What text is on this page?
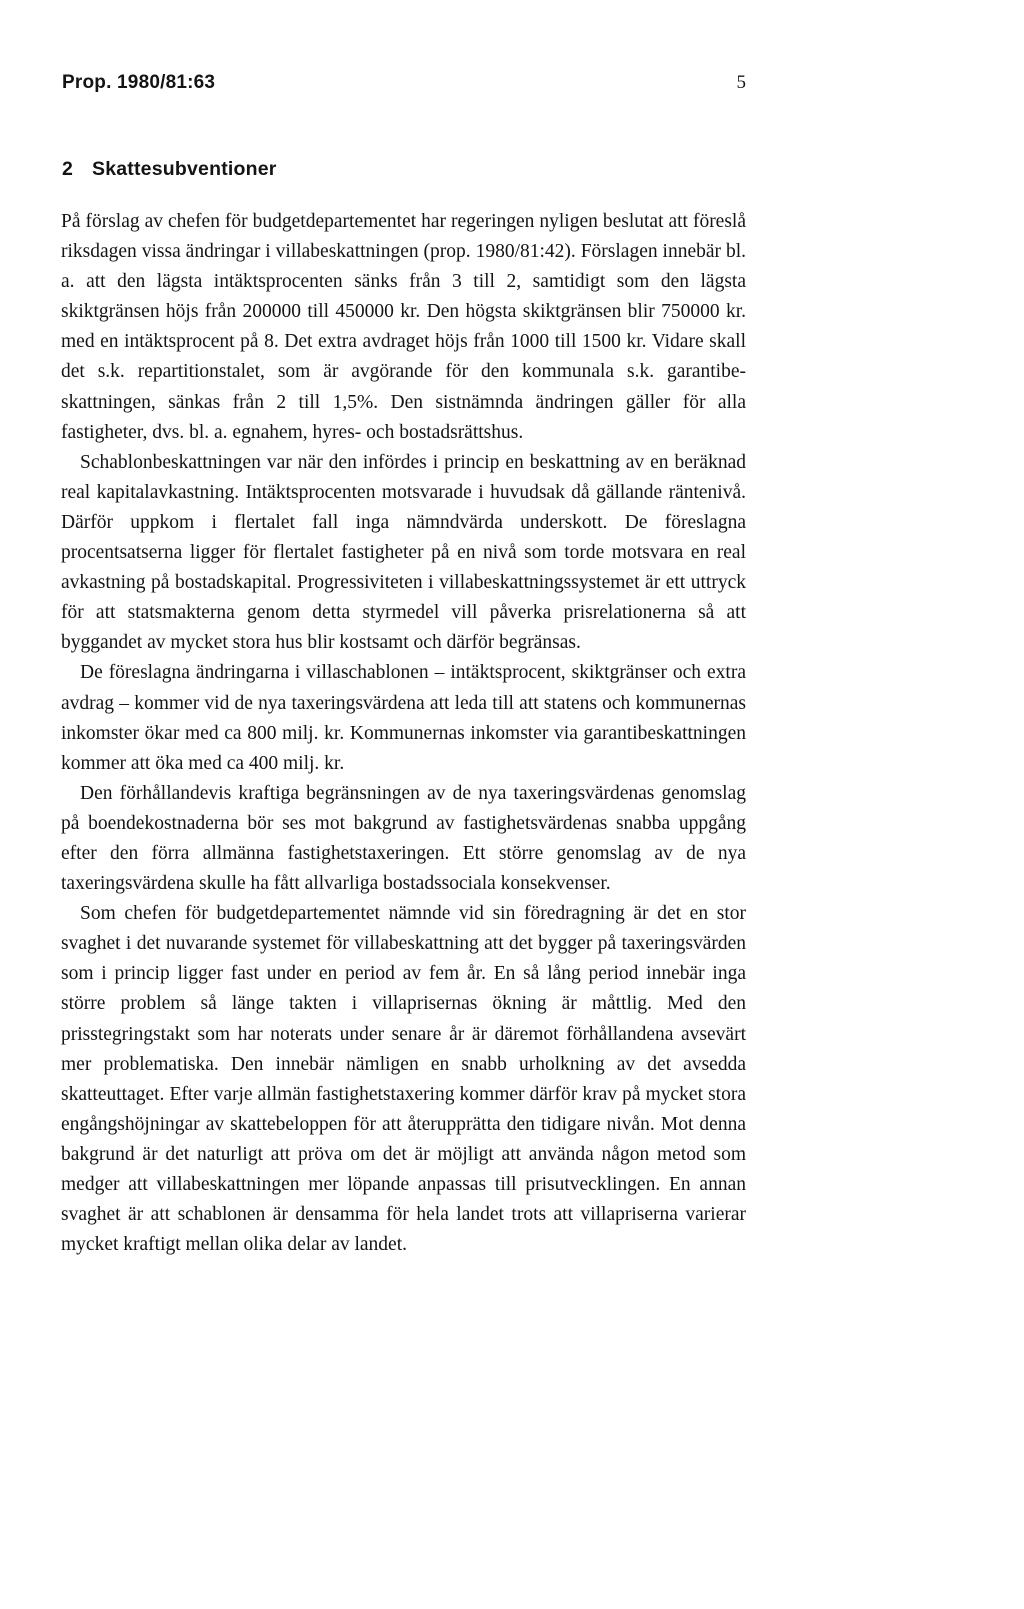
Prop. 1980/81:63	5
2 Skattesubventioner

På förslag av chefen för budgetdepartementet har regeringen nyligen beslutat att föreslå riksdagen vissa ändringar i villabeskattningen (prop. 1980/81:42). Förslagen innebär bl. a. att den lägsta intäktsprocenten sänks från 3 till 2, samtidigt som den lägsta skiktgränsen höjs från 200000 till 450000 kr. Den högsta skiktgränsen blir 750000 kr. med en intäktsprocent på 8. Det extra avdraget höjs från 1000 till 1500 kr. Vidare skall det s.k. repartitionstalet, som är avgörande för den kommunala s.k. garantibeskattningen, sänkas från 2 till 1,5%. Den sistnämnda ändringen gäller för alla fastigheter, dvs. bl. a. egnahem, hyres- och bostadsrättshus.

Schablonbeskattningen var när den infördes i princip en beskattning av en beräknad real kapitalavkastning. Intäktsprocenten motsvarade i huvudsak då gällande räntenivå. Därför uppkom i flertalet fall inga nämndvärda underskott. De föreslagna procentsatserna ligger för flertalet fastigheter på en nivå som torde motsvara en real avkastning på bostadskapital. Progressiviteten i villabeskattningssystemet är ett uttryck för att statsmakterna genom detta styrmedel vill påverka prisrelationerna så att byggandet av mycket stora hus blir kostsamt och därför begränsas.

De föreslagna ändringarna i villaschablonen – intäktsprocent, skiktgränser och extra avdrag – kommer vid de nya taxeringsvärdena att leda till att statens och kommunernas inkomster ökar med ca 800 milj. kr. Kommunernas inkomster via garantibeskattningen kommer att öka med ca 400 milj. kr.

Den förhållandevis kraftiga begränsningen av de nya taxeringsvärdenas genomslag på boendekostnaderna bör ses mot bakgrund av fastighetsvärdenas snabba uppgång efter den förra allmänna fastighetstaxeringen. Ett större genomslag av de nya taxeringsvärdena skulle ha fått allvarliga bostadssociala konsekvenser.

Som chefen för budgetdepartementet nämnde vid sin föredragning är det en stor svaghet i det nuvarande systemet för villabeskattning att det bygger på taxeringsvärden som i princip ligger fast under en period av fem år. En så lång period innebär inga större problem så länge takten i villaprisernas ökning är måttlig. Med den prisstegringstakt som har noterats under senare år är däremot förhållandena avsevärt mer problematiska. Den innebär nämligen en snabb urholkning av det avsedda skatteuttaget. Efter varje allmän fastighetstaxering kommer därför krav på mycket stora engångshöjningar av skattebeloppen för att återupprätta den tidigare nivån. Mot denna bakgrund är det naturligt att pröva om det är möjligt att använda någon metod som medger att villabeskattningen mer löpande anpassas till prisutvecklingen. En annan svaghet är att schablonen är densamma för hela landet trots att villapriserna varierar mycket kraftigt mellan olika delar av landet.
